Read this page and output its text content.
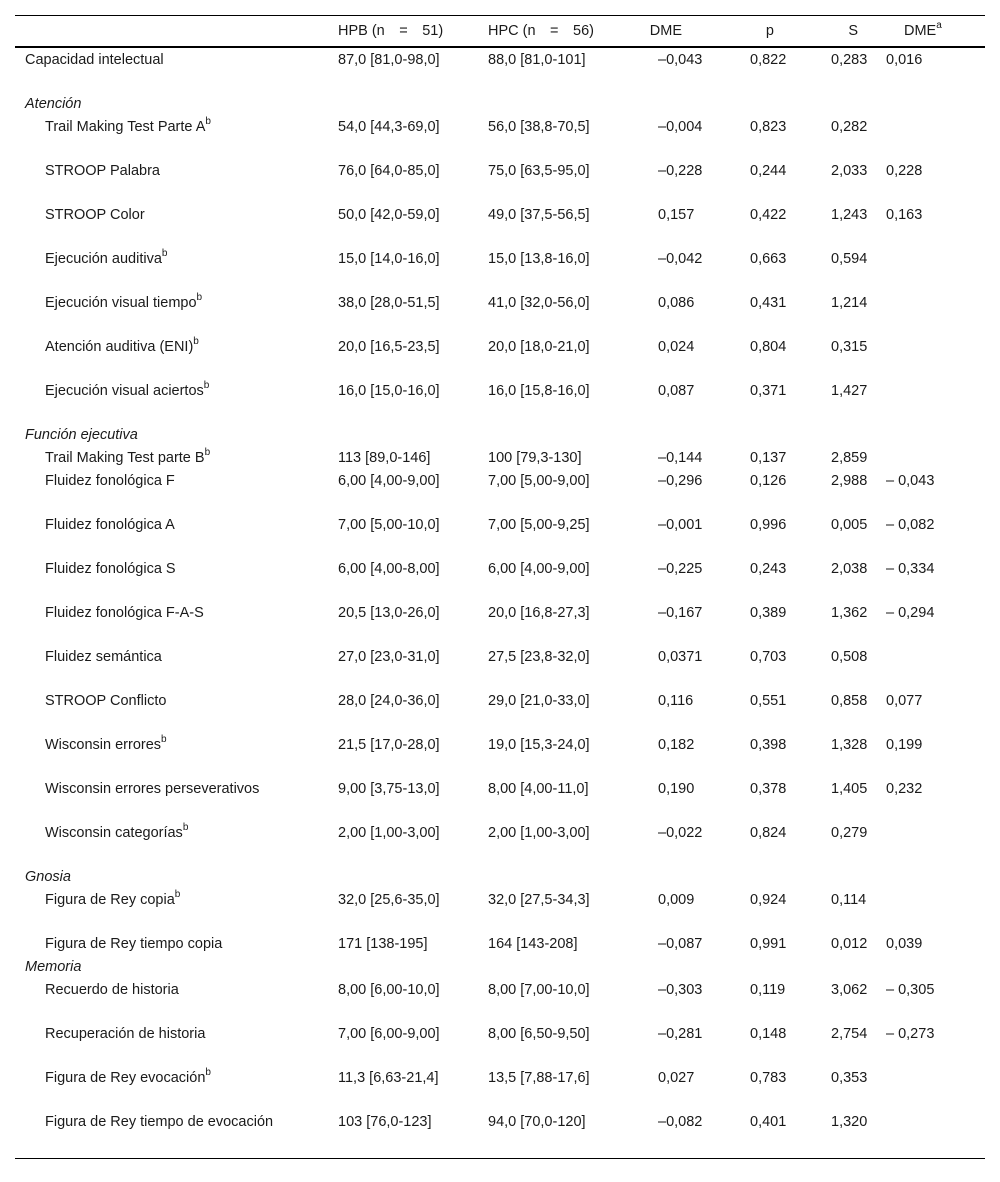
	HPB (n = 51)	HPC (n = 56)	DME	p	S	DME$^a$
Capacidad intelectual	87,0 [81,0-98,0]	88,0 [81,0-101]	–0,043	0,822	0,283	0,016
Atención						
Trail Making Test Parte $A^b$	54,0 [44,3-69,0]	56,0 [38,8-70,5]	–0,004	0,823	0,282	
STROOP Palabra	76,0 [64,0-85,0]	75,0 [63,5-95,0]	–0,228	0,244	2,033	0,228
STROOP Color	50,0 [42,0-59,0]	49,0 [37,5-56,5]	0,157	0,422	1,243	0,163
Ejecución auditiva$^b$	15,0 [14,0-16,0]	15,0 [13,8-16,0]	–0,042	0,663	0,594	
Ejecución visual tiempo$^b$	38,0 [28,0-51,5]	41,0 [32,0-56,0]	0,086	0,431	1,214	
Atención auditiva (ENI)$^b$	20,0 [16,5-23,5]	20,0 [18,0-21,0]	0,024	0,804	0,315	
Ejecución visual aciertos$^b$	16,0 [15,0-16,0]	16,0 [15,8-16,0]	0,087	0,371	1,427	
Función ejecutiva						
Trail Making Test parte $B^b$	113 [89,0-146]	100 [79,3-130]	–0,144	0,137	2,859	
Fluidez fonológica F	6,00 [4,00-9,00]	7,00 [5,00-9,00]	–0,296	0,126	2,988	– 0,043
Fluidez fonológica A	7,00 [5,00-10,0]	7,00 [5,00-9,25]	–0,001	0,996	0,005	– 0,082
Fluidez fonológica S	6,00 [4,00-8,00]	6,00 [4,00-9,00]	–0,225	0,243	2,038	– 0,334
Fluidez fonológica F-A-S	20,5 [13,0-26,0]	20,0 [16,8-27,3]	–0,167	0,389	1,362	– 0,294
Fluidez semántica	27,0 [23,0-31,0]	27,5 [23,8-32,0]	0,0371	0,703	0,508	
STROOP Conflicto	28,0 [24,0-36,0]	29,0 [21,0-33,0]	0,116	0,551	0,858	0,077
Wisconsin errores$^b$	21,5 [17,0-28,0]	19,0 [15,3-24,0]	0,182	0,398	1,328	0,199
Wisconsin errores perseverativos	9,00 [3,75-13,0]	8,00 [4,00-11,0]	0,190	0,378	1,405	0,232
Wisconsin categorías$^b$	2,00 [1,00-3,00]	2,00 [1,00-3,00]	–0,022	0,824	0,279	
Gnosia						
Figura de Rey copia$^b$	32,0 [25,6-35,0]	32,0 [27,5-34,3]	0,009	0,924	0,114	
Figura de Rey tiempo copia	171 [138-195]	164 [143-208]	–0,087	0,991	0,012	0,039
Memoria						
Recuerdo de historia	8,00 [6,00-10,0]	8,00 [7,00-10,0]	–0,303	0,119	3,062	– 0,305
Recuperación de historia	7,00 [6,00-9,00]	8,00 [6,50-9,50]	–0,281	0,148	2,754	– 0,273
Figura de Rey evocación$^b$	11,3 [6,63-21,4]	13,5 [7,88-17,6]	0,027	0,783	0,353	
Figura de Rey tiempo de evocación	103 [76,0-123]	94,0 [70,0-120]	–0,082	0,401	1,320	
